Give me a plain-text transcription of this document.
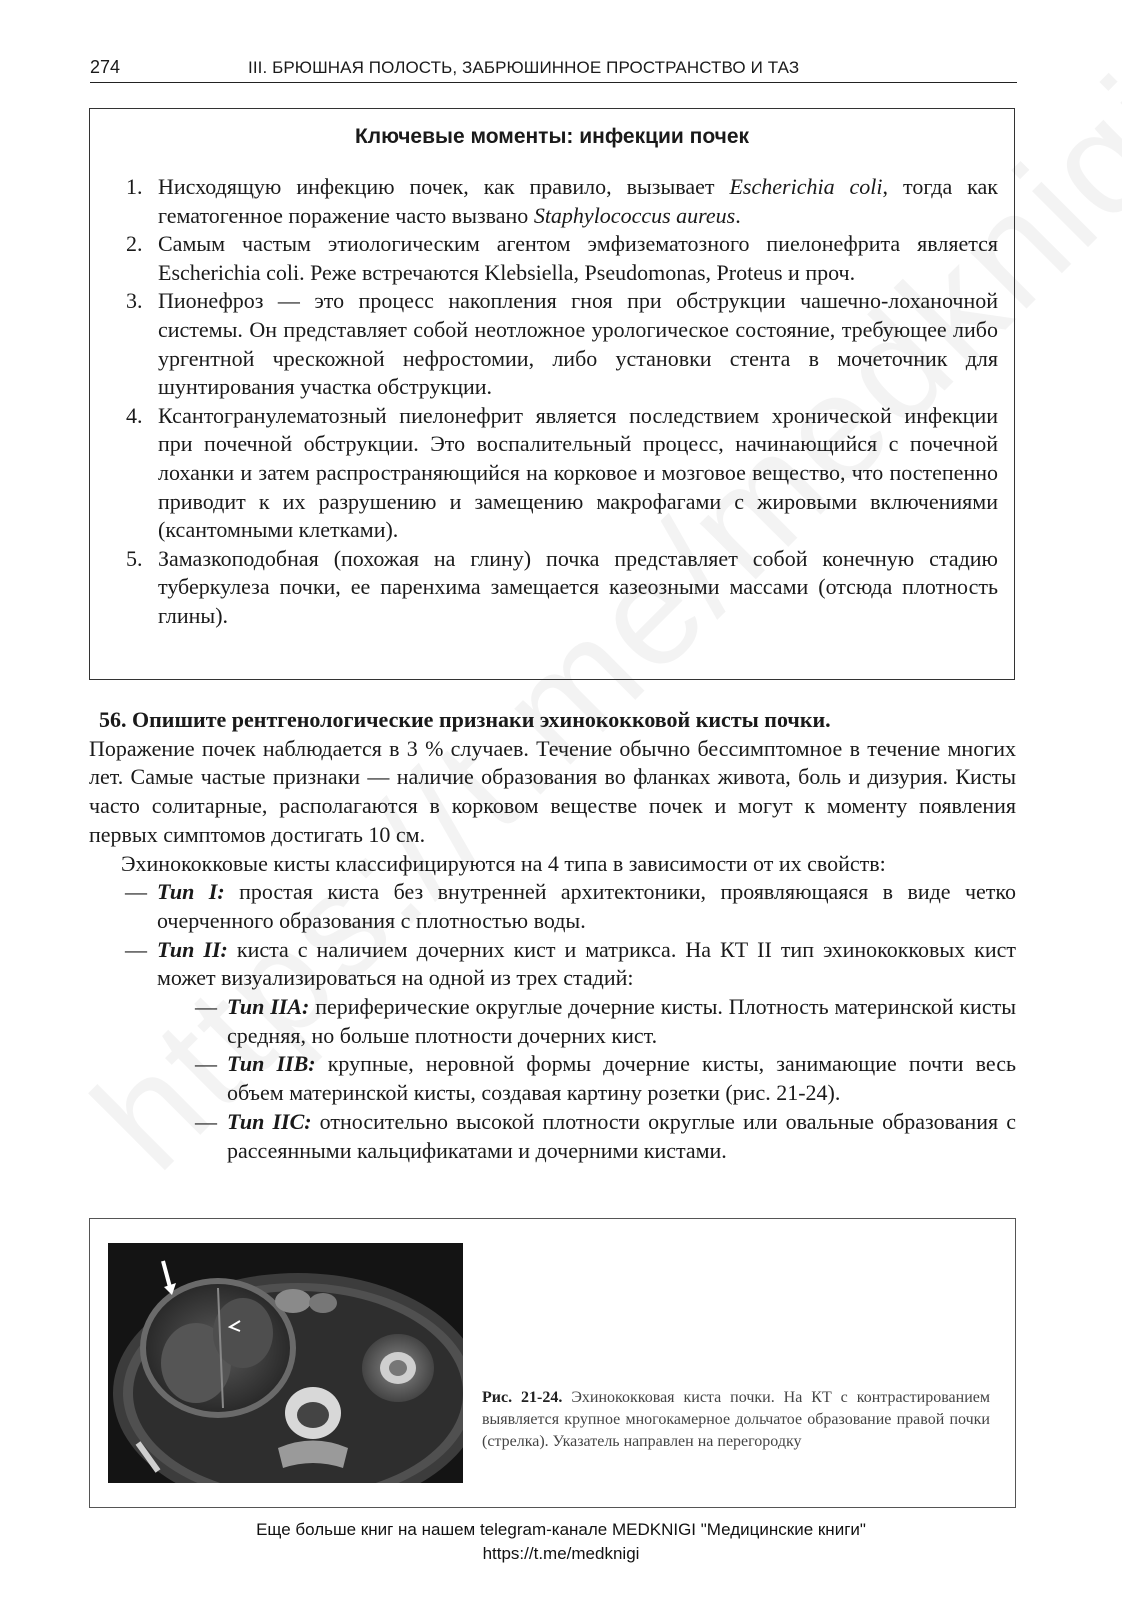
274	III. БРЮШНАЯ ПОЛОСТЬ, ЗАБРЮШИННОЕ ПРОСТРАНСТВО И ТАЗ
Ключевые моменты: инфекции почек
1. Нисходящую инфекцию почек, как правило, вызывает Escherichia coli, тогда как гематогенное поражение часто вызвано Staphylococcus aureus.
2. Самым частым этиологическим агентом эмфизематозного пиелонефрита является Escherichia coli. Реже встречаются Klebsiella, Pseudomonas, Proteus и проч.
3. Пионефроз — это процесс накопления гноя при обструкции чашечно-лоханочной системы. Он представляет собой неотложное урологическое состояние, требующее либо ургентной чрескожной нефростомии, либо установки стента в мочеточник для шунтирования участка обструкции.
4. Ксантогранулематозный пиелонефрит является последствием хронической инфекции при почечной обструкции. Это воспалительный процесс, начинающийся с почечной лоханки и затем распространяющийся на корковое и мозговое вещество, что постепенно приводит к их разрушению и замещению макрофагами с жировыми включениями (ксантомными клетками).
5. Замазкоподобная (похожая на глину) почка представляет собой конечную стадию туберкулеза почки, ее паренхима замещается казеозными массами (отсюда плотность глины).

56. Опишите рентгенологические признаки эхинококковой кисты почки.

Поражение почек наблюдается в 3 % случаев. Течение обычно бессимптомное в течение многих лет. Самые частые признаки — наличие образования во фланках живота, боль и дизурия. Кисты часто солитарные, располагаются в корковом веществе почек и могут к моменту появления первых симптомов достигать 10 см.

Эхинококковые кисты классифицируются на 4 типа в зависимости от их свойств:

— Тип I: простая киста без внутренней архитектоники, проявляющаяся в виде четко очерченного образования с плотностью воды.

— Тип II: киста с наличием дочерних кист и матрикса. На КТ II тип эхинококковых кист может визуализироваться на одной из трех стадий:

— Тип IIA: периферические округлые дочерние кисты. Плотность материнской кисты средняя, но больше плотности дочерних кист.

— Тип IIB: крупные, неровной формы дочерние кисты, занимающие почти весь объем материнской кисты, создавая картину розетки (рис. 21-24).

— Тип IIC: относительно высокой плотности округлые или овальные образования с рассеянными кальцификатами и дочерними кистами.

Рис. 21-24. Эхинококковая киста почки. На КТ с контрастированием выявляется крупное многокамерное дольчатое образование правой почки (стрелка). Указатель направлен на перегородку
Еще больше книг на нашем telegram-канале MEDKNIGI "Медицинские книги"
https://t.me/medknigi
